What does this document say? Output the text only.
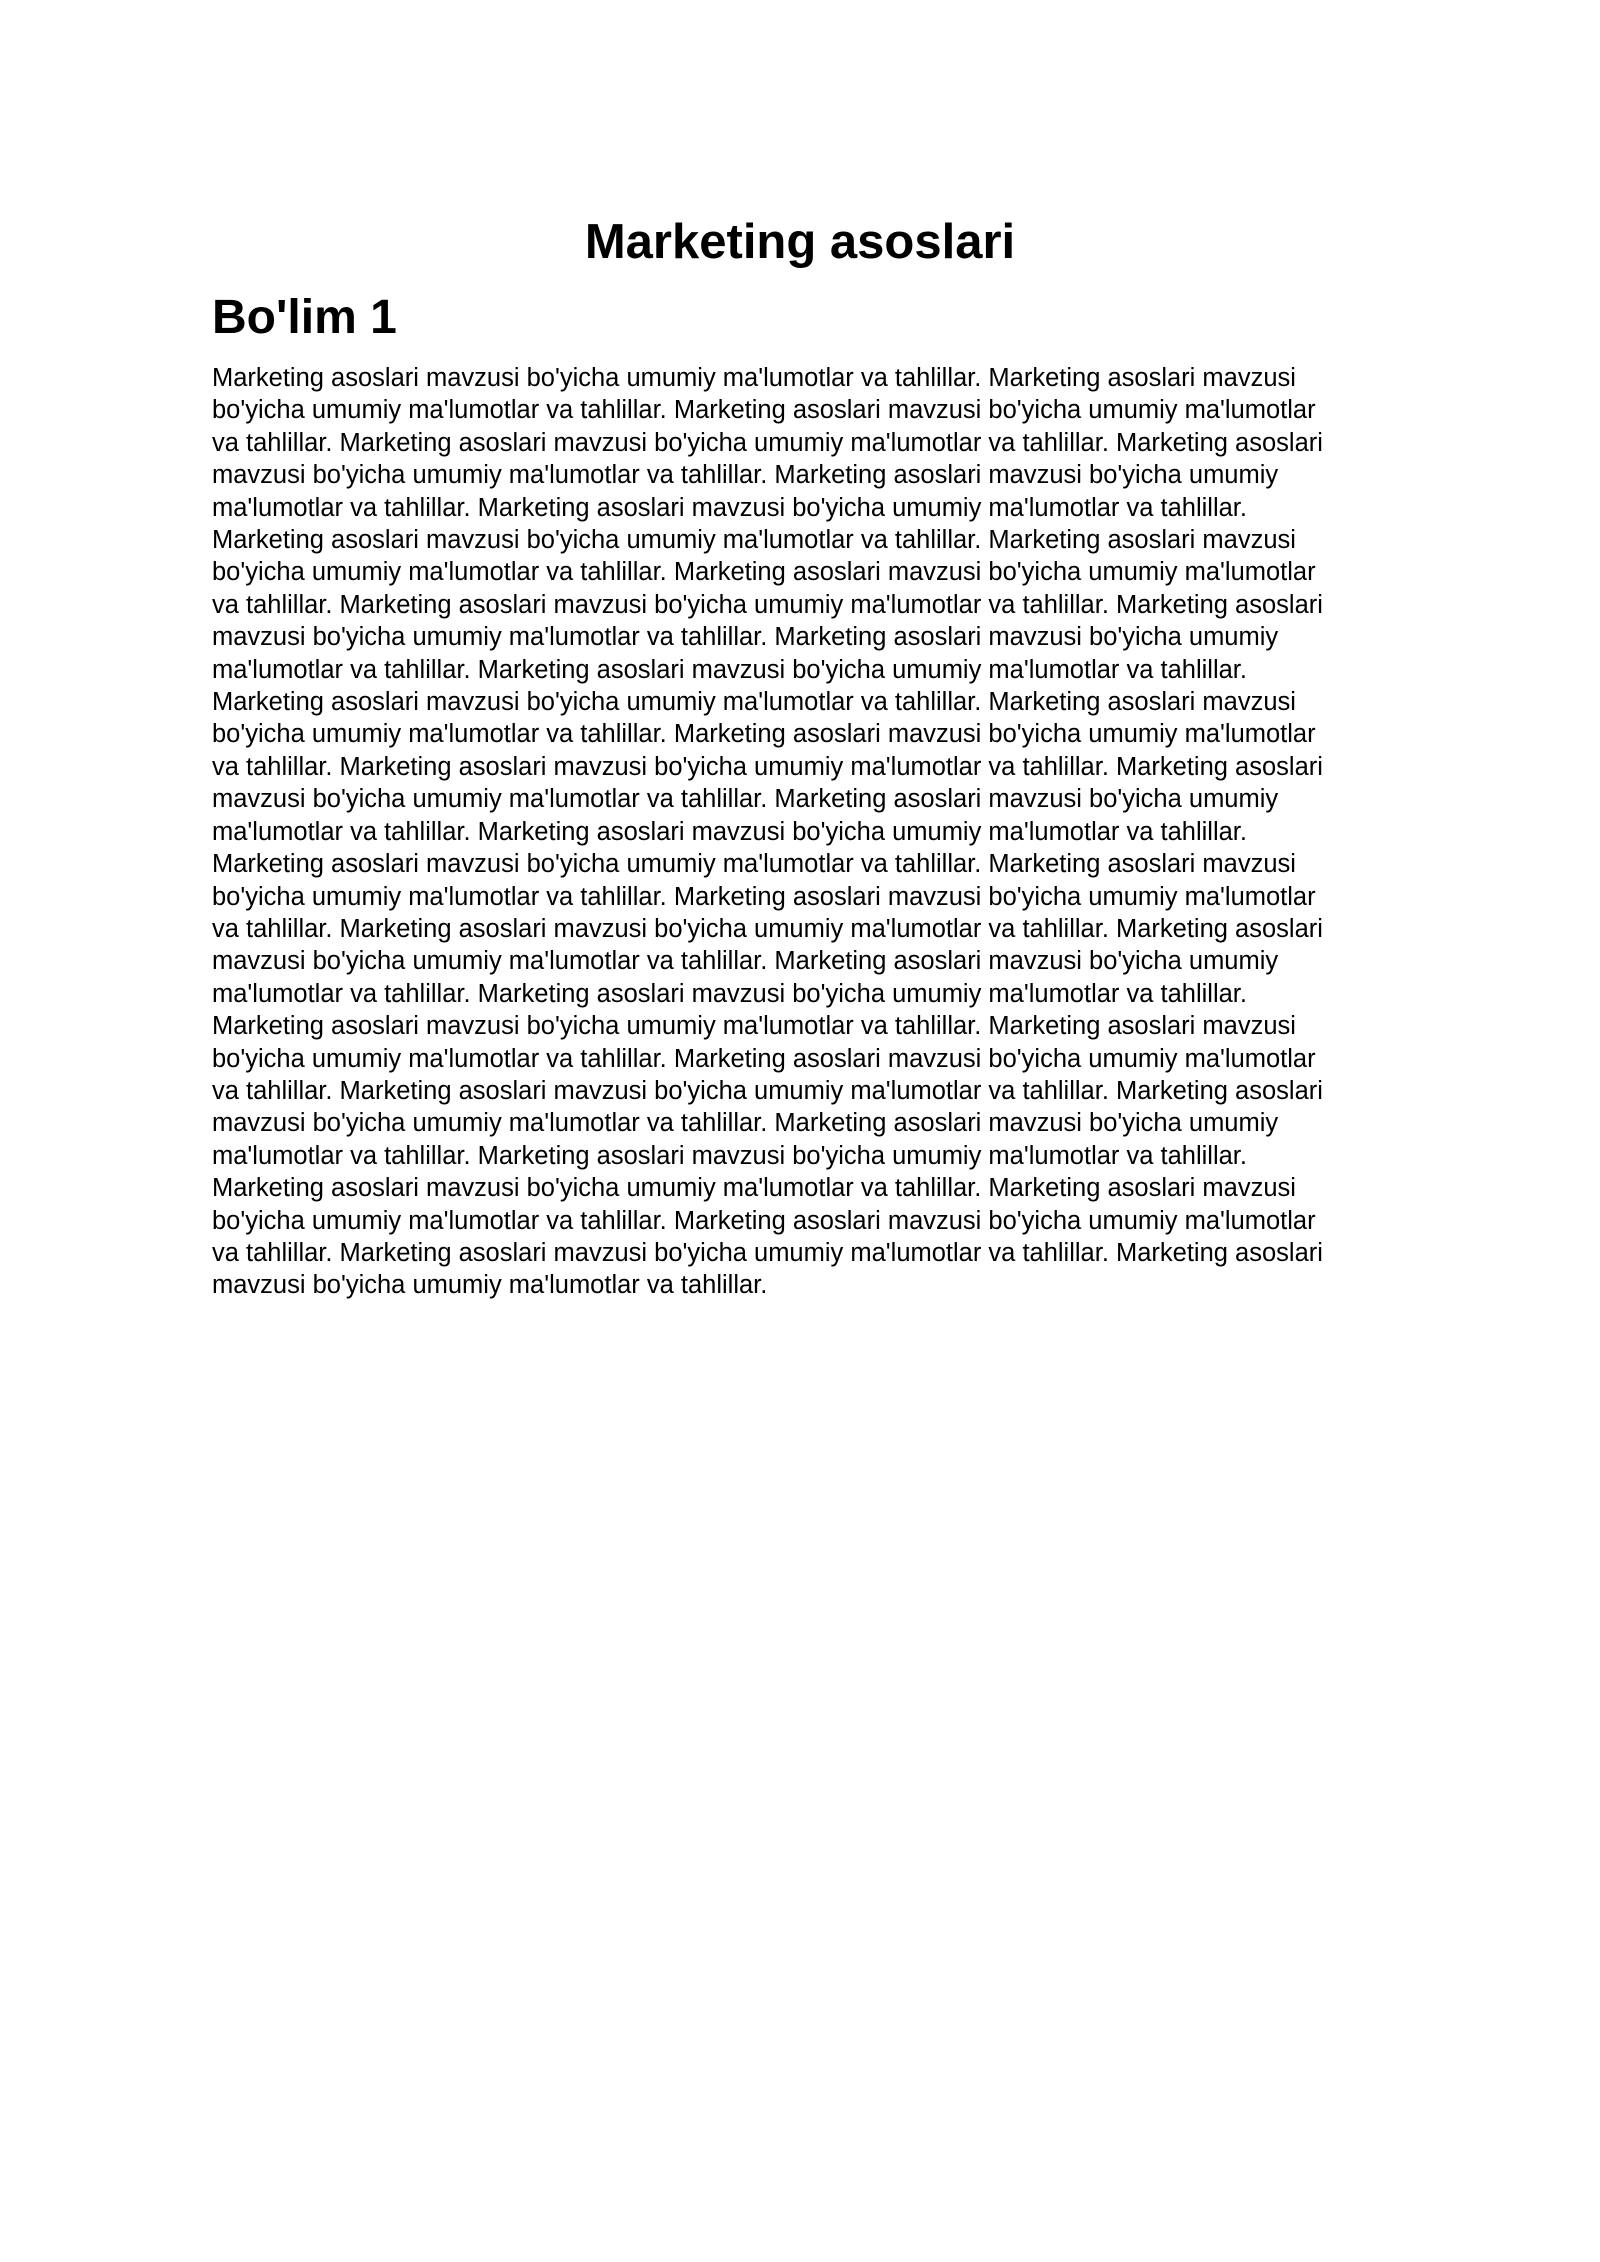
Marketing asoslari
Bo'lim 1

Marketing asoslari mavzusi bo'yicha umumiy ma'lumotlar va tahlillar. Marketing asoslari mavzusi
bo'yicha umumiy ma'lumotlar va tahlillar. Marketing asoslari mavzusi bo'yicha umumiy ma'lumotlar
va tahlillar. Marketing asoslari mavzusi bo'yicha umumiy ma'lumotlar va tahlillar. Marketing asoslari
mavzusi bo'yicha umumiy ma'lumotlar va tahlillar. Marketing asoslari mavzusi bo'yicha umumiy
ma'lumotlar va tahlillar. Marketing asoslari mavzusi bo'yicha umumiy ma'lumotlar va tahlillar.
Marketing asoslari mavzusi bo'yicha umumiy ma'lumotlar va tahlillar. Marketing asoslari mavzusi
bo'yicha umumiy ma'lumotlar va tahlillar. Marketing asoslari mavzusi bo'yicha umumiy ma'lumotlar
va tahlillar. Marketing asoslari mavzusi bo'yicha umumiy ma'lumotlar va tahlillar. Marketing asoslari
mavzusi bo'yicha umumiy ma'lumotlar va tahlillar. Marketing asoslari mavzusi bo'yicha umumiy
ma'lumotlar va tahlillar. Marketing asoslari mavzusi bo'yicha umumiy ma'lumotlar va tahlillar.
Marketing asoslari mavzusi bo'yicha umumiy ma'lumotlar va tahlillar. Marketing asoslari mavzusi
bo'yicha umumiy ma'lumotlar va tahlillar. Marketing asoslari mavzusi bo'yicha umumiy ma'lumotlar
va tahlillar. Marketing asoslari mavzusi bo'yicha umumiy ma'lumotlar va tahlillar. Marketing asoslari
mavzusi bo'yicha umumiy ma'lumotlar va tahlillar. Marketing asoslari mavzusi bo'yicha umumiy
ma'lumotlar va tahlillar. Marketing asoslari mavzusi bo'yicha umumiy ma'lumotlar va tahlillar.
Marketing asoslari mavzusi bo'yicha umumiy ma'lumotlar va tahlillar. Marketing asoslari mavzusi
bo'yicha umumiy ma'lumotlar va tahlillar. Marketing asoslari mavzusi bo'yicha umumiy ma'lumotlar
va tahlillar. Marketing asoslari mavzusi bo'yicha umumiy ma'lumotlar va tahlillar. Marketing asoslari
mavzusi bo'yicha umumiy ma'lumotlar va tahlillar. Marketing asoslari mavzusi bo'yicha umumiy
ma'lumotlar va tahlillar. Marketing asoslari mavzusi bo'yicha umumiy ma'lumotlar va tahlillar.
Marketing asoslari mavzusi bo'yicha umumiy ma'lumotlar va tahlillar. Marketing asoslari mavzusi
bo'yicha umumiy ma'lumotlar va tahlillar. Marketing asoslari mavzusi bo'yicha umumiy ma'lumotlar
va tahlillar. Marketing asoslari mavzusi bo'yicha umumiy ma'lumotlar va tahlillar. Marketing asoslari
mavzusi bo'yicha umumiy ma'lumotlar va tahlillar. Marketing asoslari mavzusi bo'yicha umumiy
ma'lumotlar va tahlillar. Marketing asoslari mavzusi bo'yicha umumiy ma'lumotlar va tahlillar.
Marketing asoslari mavzusi bo'yicha umumiy ma'lumotlar va tahlillar. Marketing asoslari mavzusi
bo'yicha umumiy ma'lumotlar va tahlillar. Marketing asoslari mavzusi bo'yicha umumiy ma'lumotlar
va tahlillar. Marketing asoslari mavzusi bo'yicha umumiy ma'lumotlar va tahlillar. Marketing asoslari
mavzusi bo'yicha umumiy ma'lumotlar va tahlillar.
